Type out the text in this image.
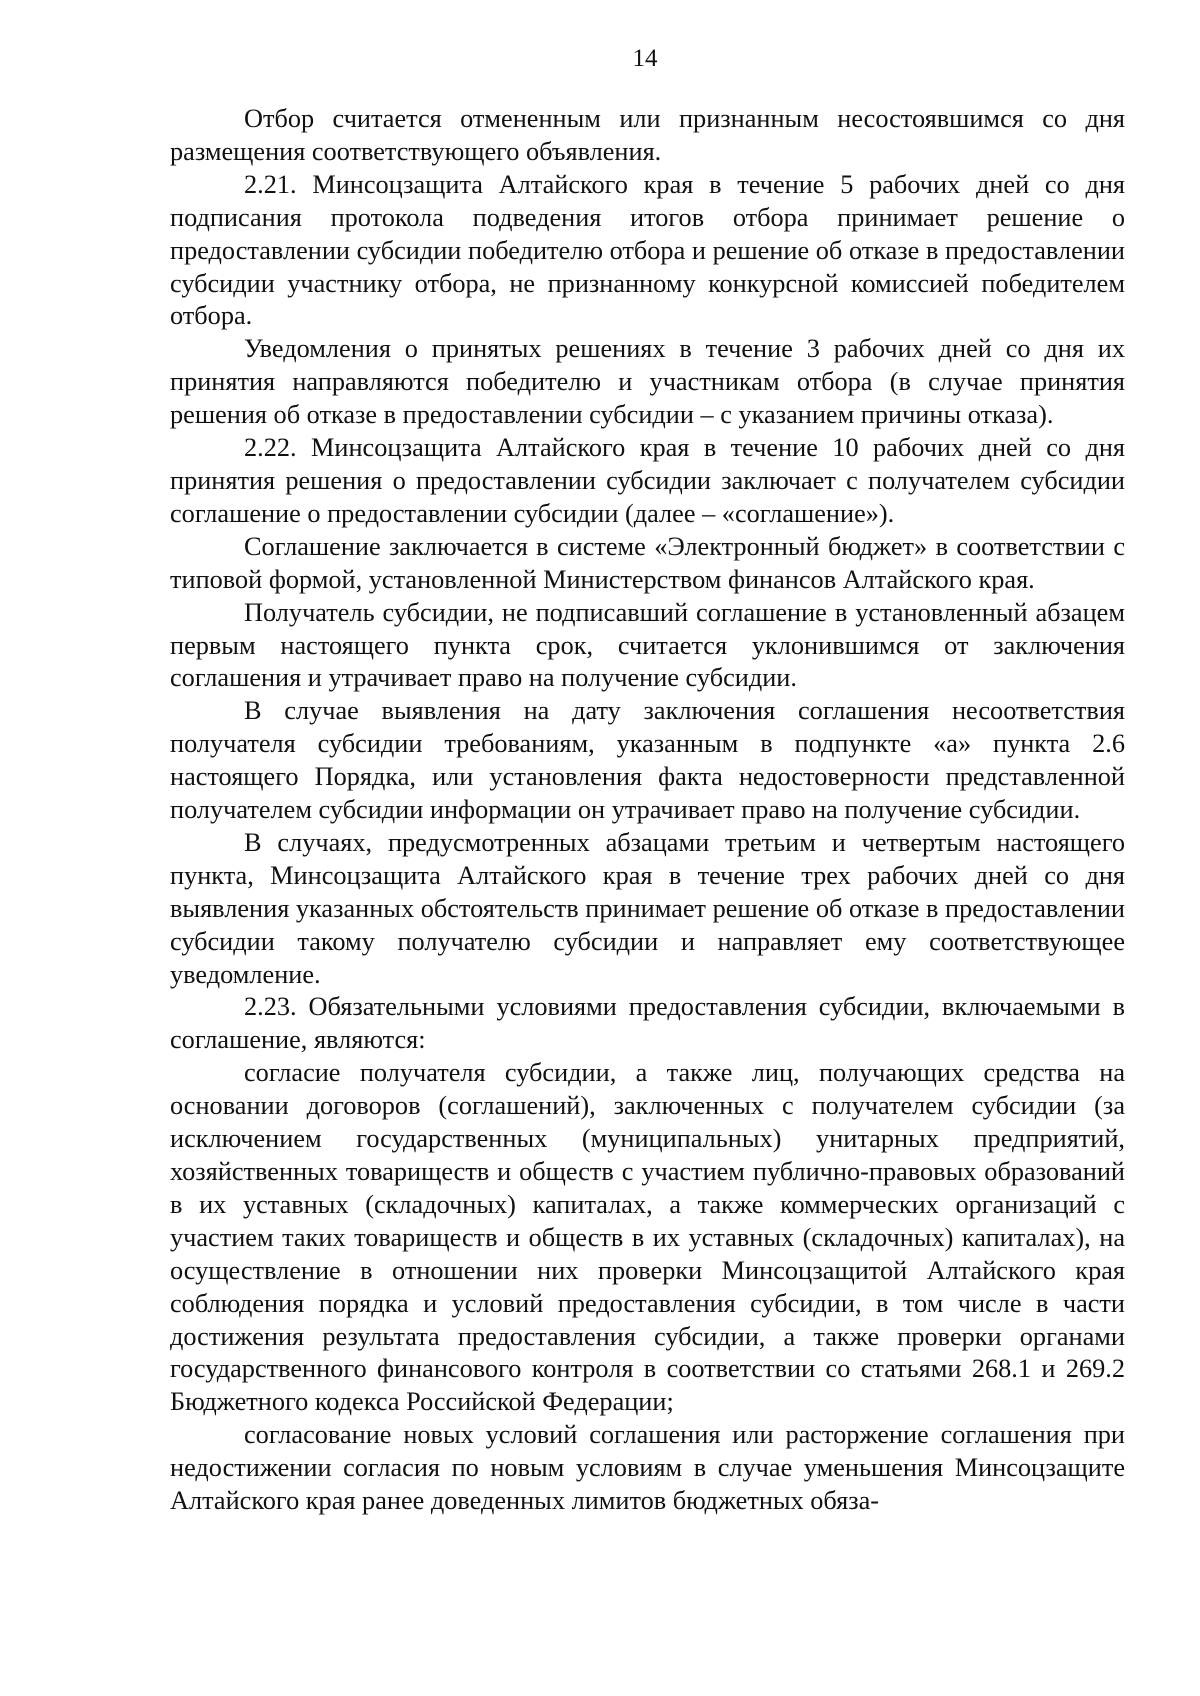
14

Отбор считается отмененным или признанным несостоявшимся со дня размещения соответствующего объявления.

2.21. Минсоцзащита Алтайского края в течение 5 рабочих дней со дня подписания протокола подведения итогов отбора принимает решение о предоставлении субсидии победителю отбора и решение об отказе в предоставлении субсидии участнику отбора, не признанному конкурсной комиссией победителем отбора.

Уведомления о принятых решениях в течение 3 рабочих дней со дня их принятия направляются победителю и участникам отбора (в случае принятия решения об отказе в предоставлении субсидии – с указанием причины отказа).

2.22. Минсоцзащита Алтайского края в течение 10 рабочих дней со дня принятия решения о предоставлении субсидии заключает с получателем субсидии соглашение о предоставлении субсидии (далее – «соглашение»).

Соглашение заключается в системе «Электронный бюджет» в соответствии с типовой формой, установленной Министерством финансов Алтайского края.

Получатель субсидии, не подписавший соглашение в установленный абзацем первым настоящего пункта срок, считается уклонившимся от заключения соглашения и утрачивает право на получение субсидии.

В случае выявления на дату заключения соглашения несоответствия получателя субсидии требованиям, указанным в подпункте «а» пункта 2.6 настоящего Порядка, или установления факта недостоверности представленной получателем субсидии информации он утрачивает право на получение субсидии.

В случаях, предусмотренных абзацами третьим и четвертым настоящего пункта, Минсоцзащита Алтайского края в течение трех рабочих дней со дня выявления указанных обстоятельств принимает решение об отказе в предоставлении субсидии такому получателю субсидии и направляет ему соответствующее уведомление.

2.23. Обязательными условиями предоставления субсидии, включаемыми в соглашение, являются:

согласие получателя субсидии, а также лиц, получающих средства на основании договоров (соглашений), заключенных с получателем субсидии (за исключением государственных (муниципальных) унитарных предприятий, хозяйственных товариществ и обществ с участием публично-правовых образований в их уставных (складочных) капиталах, а также коммерческих организаций с участием таких товариществ и обществ в их уставных (складочных) капиталах), на осуществление в отношении них проверки Минсоцзащитой Алтайского края соблюдения порядка и условий предоставления субсидии, в том числе в части достижения результата предоставления субсидии, а также проверки органами государственного финансового контроля в соответствии со статьями 268.1 и 269.2 Бюджетного кодекса Российской Федерации;

согласование новых условий соглашения или расторжение соглашения при недостижении согласия по новым условиям в случае уменьшения Минсоцзащите Алтайского края ранее доведенных лимитов бюджетных обяза-
